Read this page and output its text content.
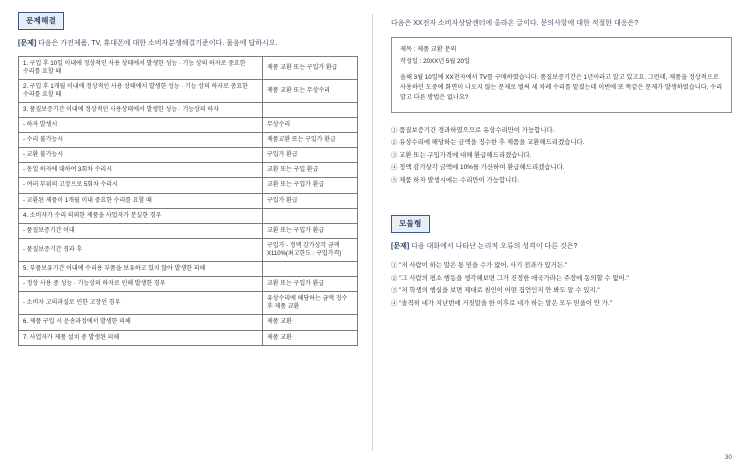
문제해결
[문제] 다음은 가전제품, TV, 휴대폰에 대한 소비자분쟁해결기준이다. 물음에 답하시오.
1. 구입 후 10일 이내에 정상적인 사용 상태에서 발생한 성능 · 기능 상의 하자로 중요한 수리를 요할 때	제품 교환 또는 구입가 환급
2. 구입 후 1개월 이내에 정상적인 사용 상태에서 발생한 성능 · 기능 상의 하자로 중요한 수리를 요할 때	제품 교환 또는 무상수리
3. 품질보증기간 이내에 정상적인 사용상태에서 발생한 성능 · 기능상의 하자	
- 하자 발생시	무상수리
- 수리 불가능시	제품교환 또는 구입가 환급
- 교환 불가능시	구입가 환급
- 동일 하자에 대하여 3회차 수리시	교환 또는 구입 환급
- 여러 부위의 고장으로 5회차 수리시	교환 또는 구입가 환급
- 교환된 제품이 1개월 이내 중요한 수리를 요할 때	구입가 환급
4. 소비자가 수리 의뢰한 제품을 사업자가 분실한 경우	
- 품질보증기간 이내	교환 또는 구입가 환급
- 품질보증기간 경과 후	구입가 - 정액 감가상각 금액 X110%(최고한도 : 구입가격)
5. 부품보유기간 이내에 수리용 부품을 보유하고 있지 않아 발생한 피해	
- 정상 사용 중 성능 · 기능상의 하자로 인해 발생한 경우	교환 또는 구입가 환급
- 소비자 고의과실로 인한 고장인 경우	유상수리에 해당하는 금액 징수 후 제품 교환
6. 제품 구입 시 운송과정에서 발생한 피해	제품 교환
7. 사업자가 제품 설치 중 발생된 피해	제품 교환
다음은 XX전자 소비자상담센터에 올라온 글이다. 문의사항에 대한 적절한 대응은?

제목 : 제품 교환 문의

작성일 : 20XX년 5월 20일

올해 3월 10일에 XX전자에서 TV를 구매하였습니다. 품질보증기간은 1년이라고 알고 있고요. 그런데, 제품을 정상적으로 사용하던 도중에 화면이 나오지 않는 문제로 벌써 세 차례 수리를 맡겼는데 이번에 또 똑같은 문제가 발생하였습니다. 수리 말고 다른 방법은 없나요?

① 품질보증기간 경과하였으므로 유상수리만이 가능합니다.
② 유상수리에 해당하는 금액을 징수한 후 제품을 교환해드리겠습니다.
③ 교환 또는 구입가격에 대해 환급해드리겠습니다.
④ 정액 감가상각 금액에 10%를 가산하여 환급해드리겠습니다.
⑤ 제품 하자 발생시에는 수리만이 가능합니다.
모듈형
[문제] 다음 대화에서 나타난 논리적 오류의 성격이 다른 것은?
① "저 사람이 하는 말은 통 믿을 수가 없어, 사기 전과가 있거든."
② "그 사람의 평소 행동을 생각해보면 그가 진정한 애국가라는 주장에 동의할 수 없어."
③ "저 학생의 행실을 보면 제대로 침인이 어떤 집언인지 안 봐도 알 수 있지."
④ "솔직히 네가 지난번에 거짓말을 한 이후로 네가 하는 말은 모두 믿을이 안 가."
30
